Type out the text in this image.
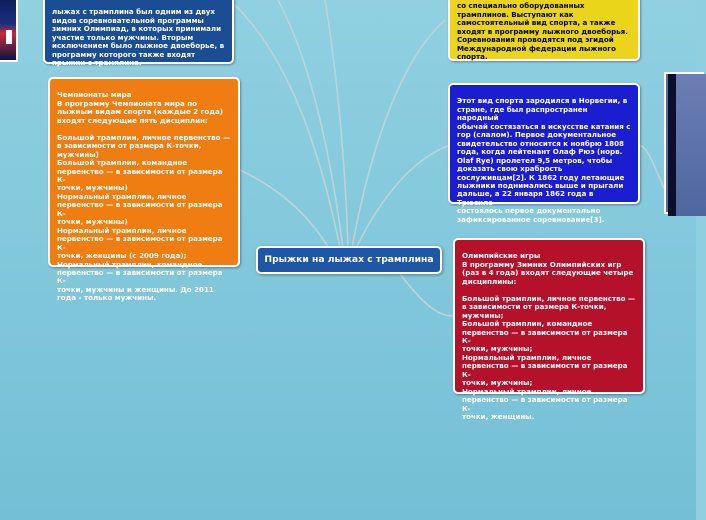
лыжах с трамплина был одним из двух
видов соревновательной программы
зимних Олимпиад, в которых принимали
участие только мужчины. Вторым
исключением было лыжное двоеборье, в
программу которого также входят
прыжки с трамплина.

Чемпионаты мира
В программу Чемпионата мира по
лыжным видам спорта (каждые 2 года)
входят следующие пять дисциплин:

Большой трамплин, личное первенство —
в зависимости от размера К-точки,
мужчины)
Большой трамплин, командное
первенство — в зависимости от размера К-
точки, мужчины)
Нормальный трамплин, личное
первенство — в зависимости от размера К-
точки, мужчины)
Нормальный трамплин, личное
первенство — в зависимости от размера К-
точки, женщины (с 2009 года);
Нормальный трамплин, командное
первенство — в зависимости от размера К-
точки, мужчины и женщины. До 2011
года - только мужчины.

со специально оборудованных
трамплинов. Выступают как
самостоятельный вид спорта, а также
входят в программу лыжного двоеборья.
Соревнования проводятся под эгидой
Международной федерации лыжного
спорта.

Этот вид спорта зародился в Норвегии, в
стране, где был распространен народный
обычай состязаться в искусстве катания с
гор (слалом). Первое документальное
свидетельство относится к ноябрю 1808
года, когда лейтенант Олаф Рюэ (норв.
Olaf Rye) пролетел 9,5 метров, чтобы
доказать свою храбрость
сослуживцам[2]. К 1862 году летающие
лыжники поднимались выше и прыгали
дальше, а 22 января 1862 года в Трюсиле
состоялось первое документально
зафиксированное соревнование[3].

Олимпийские игры
В программу Зимних Олимпийских игр
(раз в 4 года) входят следующие четыре
дисциплины:

Большой трамплин, личное первенство —
в зависимости от размера К-точки,
мужчины;
Большой трамплин, командное
первенство — в зависимости от размера К-
точки, мужчины;
Нормальный трамплин, личное
первенство — в зависимости от размера К-
точки, мужчины;
Нормальный трамплин, личное
первенство — в зависимости от размера К-
точки, женщины.

Прыжки на лыжах с трамплина
